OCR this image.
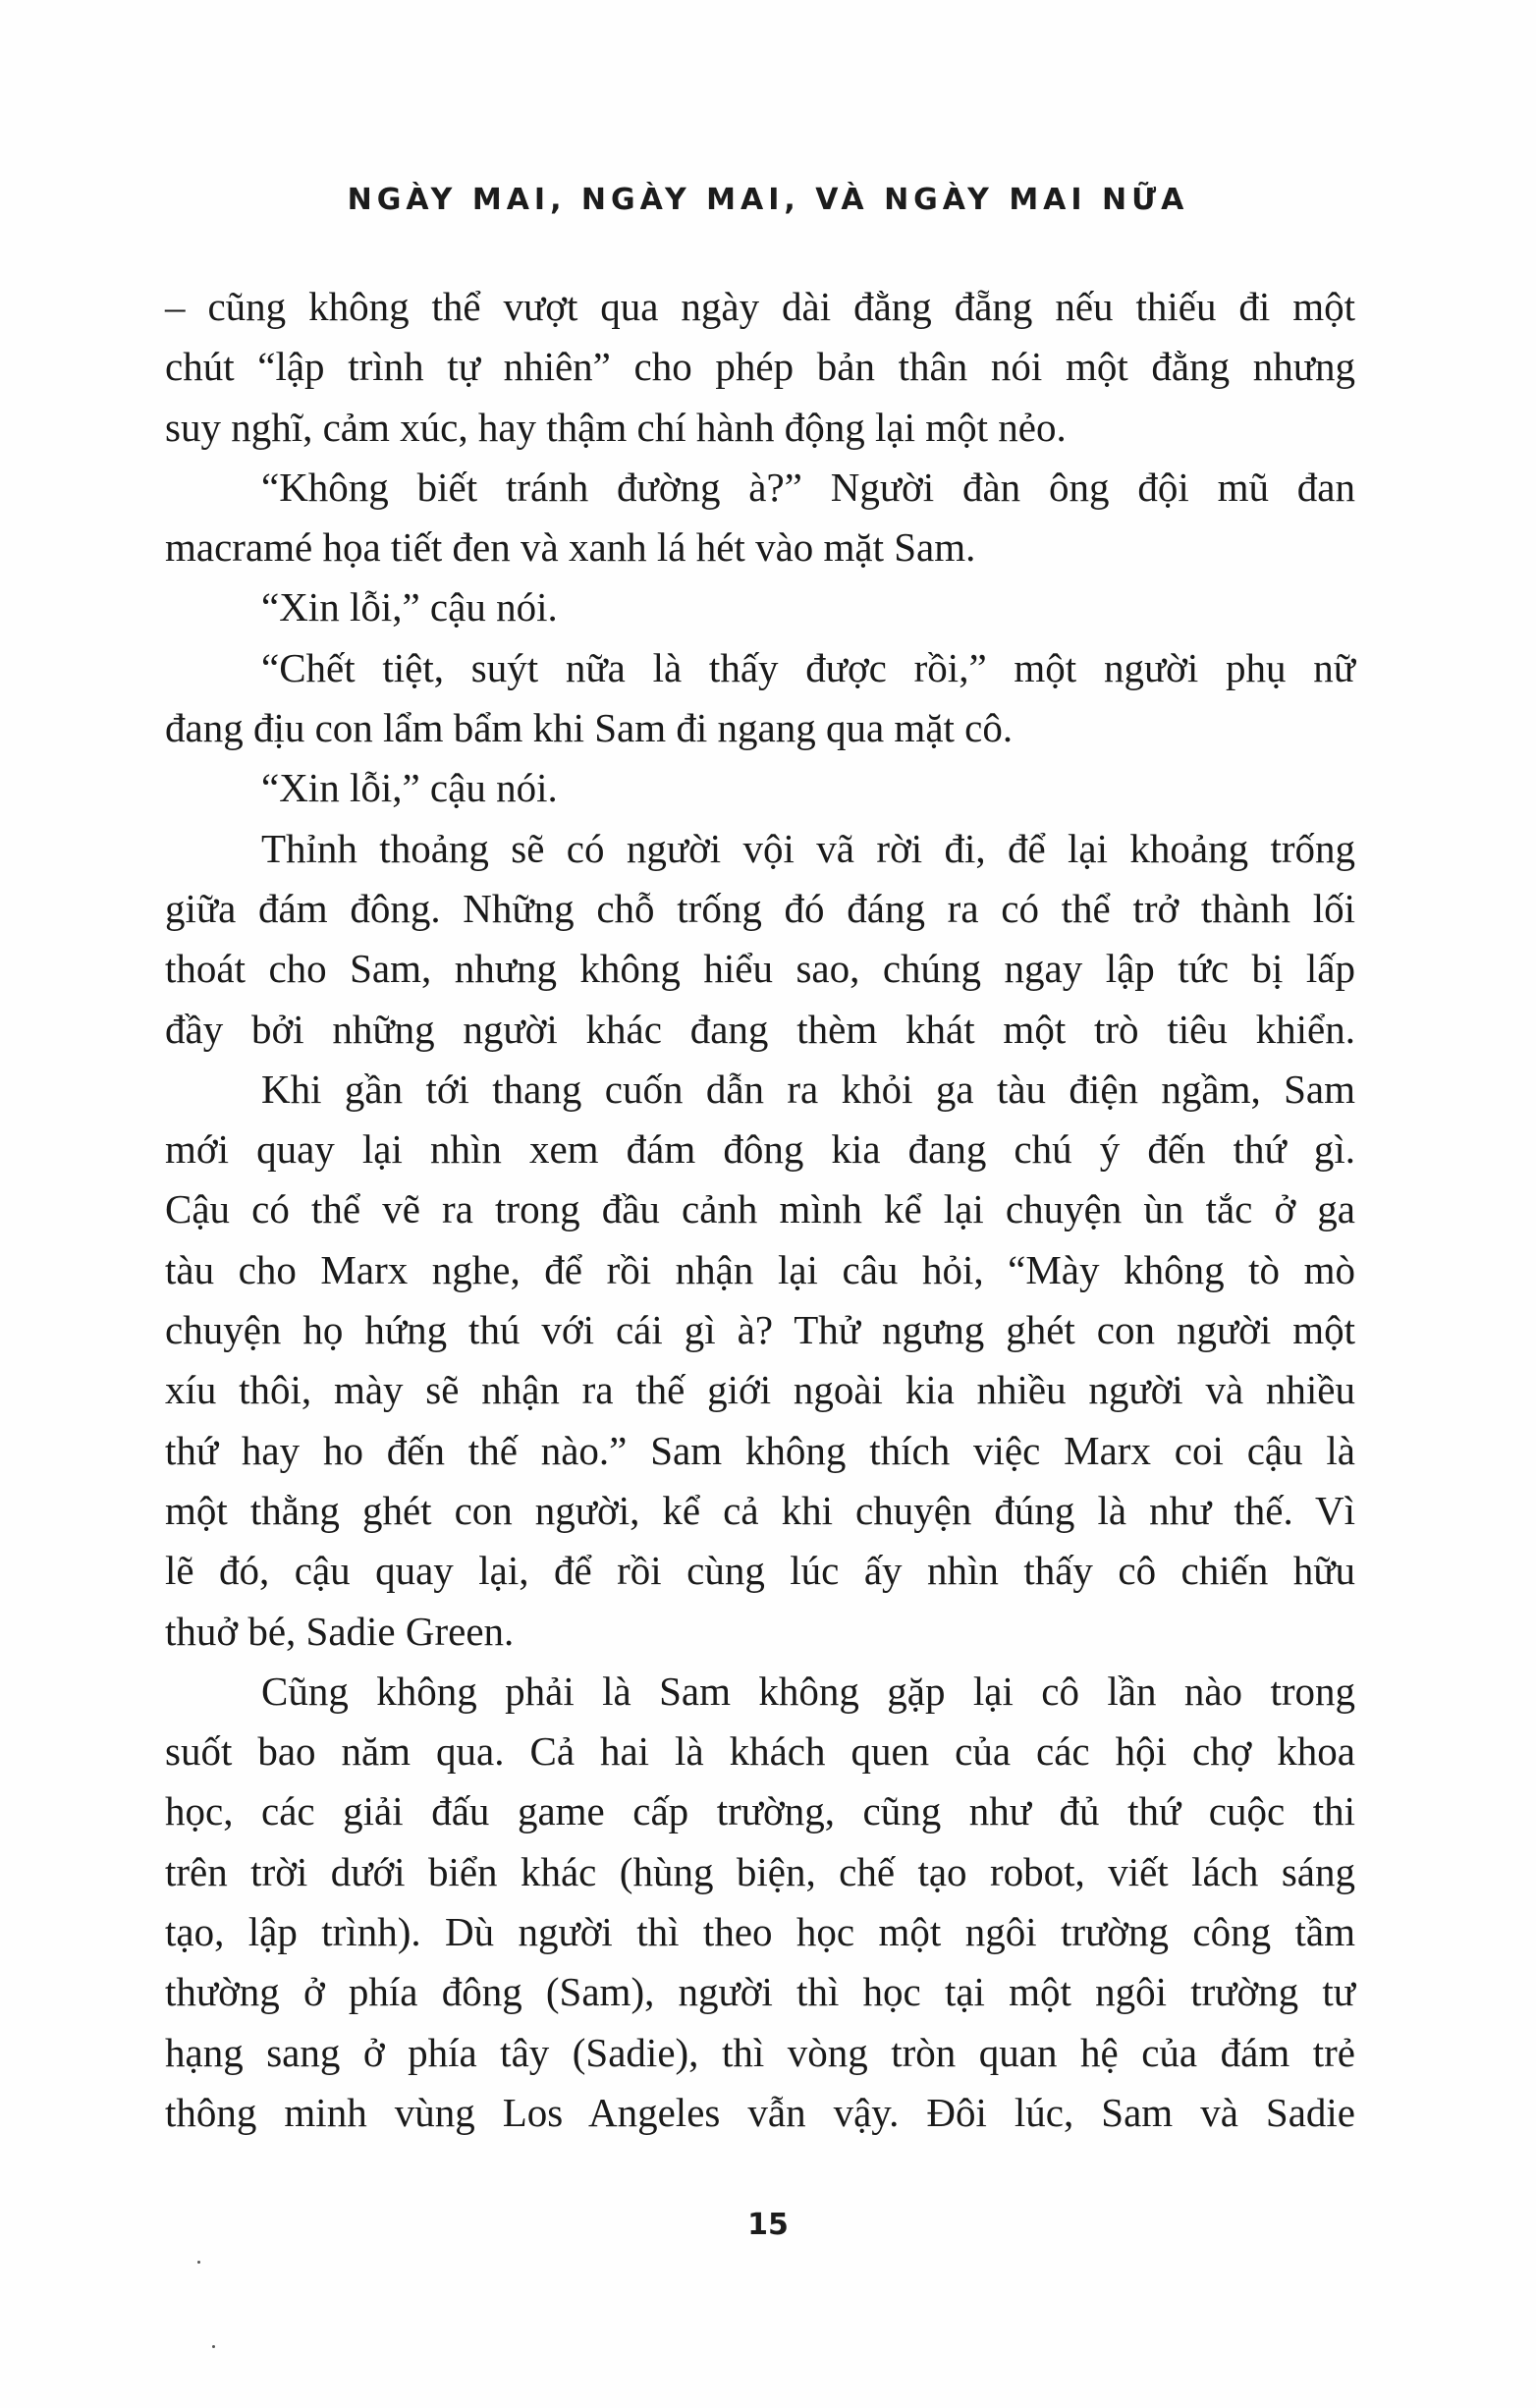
NGÀY MAI, NGÀY MAI, VÀ NGÀY MAI NỮA
– cũng không thể vượt qua ngày dài đằng đẵng nếu thiếu đi một
chút “lập trình tự nhiên” cho phép bản thân nói một đằng nhưng
suy nghĩ, cảm xúc, hay thậm chí hành động lại một nẻo.
“Không biết tránh đường à?” Người đàn ông đội mũ đan
macramé họa tiết đen và xanh lá hét vào mặt Sam.
“Xin lỗi,” cậu nói.
“Chết tiệt, suýt nữa là thấy được rồi,” một người phụ nữ
đang địu con lẩm bẩm khi Sam đi ngang qua mặt cô.
“Xin lỗi,” cậu nói.
Thỉnh thoảng sẽ có người vội vã rời đi, để lại khoảng trống
giữa đám đông. Những chỗ trống đó đáng ra có thể trở thành lối
thoát cho Sam, nhưng không hiểu sao, chúng ngay lập tức bị lấp
đầy bởi những người khác đang thèm khát một trò tiêu khiển.
Khi gần tới thang cuốn dẫn ra khỏi ga tàu điện ngầm, Sam
mới quay lại nhìn xem đám đông kia đang chú ý đến thứ gì.
Cậu có thể vẽ ra trong đầu cảnh mình kể lại chuyện ùn tắc ở ga
tàu cho Marx nghe, để rồi nhận lại câu hỏi, “Mày không tò mò
chuyện họ hứng thú với cái gì à? Thử ngưng ghét con người một
xíu thôi, mày sẽ nhận ra thế giới ngoài kia nhiều người và nhiều
thứ hay ho đến thế nào.” Sam không thích việc Marx coi cậu là
một thằng ghét con người, kể cả khi chuyện đúng là như thế. Vì
lẽ đó, cậu quay lại, để rồi cùng lúc ấy nhìn thấy cô chiến hữu
thuở bé, Sadie Green.
Cũng không phải là Sam không gặp lại cô lần nào trong
suốt bao năm qua. Cả hai là khách quen của các hội chợ khoa
học, các giải đấu game cấp trường, cũng như đủ thứ cuộc thi
trên trời dưới biển khác (hùng biện, chế tạo robot, viết lách sáng
tạo, lập trình). Dù người thì theo học một ngôi trường công tầm
thường ở phía đông (Sam), người thì học tại một ngôi trường tư
hạng sang ở phía tây (Sadie), thì vòng tròn quan hệ của đám trẻ
thông minh vùng Los Angeles vẫn vậy. Đôi lúc, Sam và Sadie
15
